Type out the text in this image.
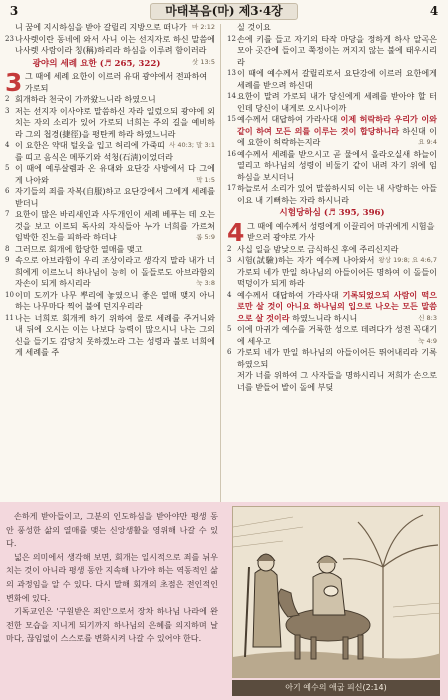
3	마태복음(마) 제3·4장	4
니 꿈에 지시하심을 받아 갈릴리 지방으로 떠나가 마 2:12
23 나사렛이란 동네에 와서 사니 이는 선지자로 하신 말씀에 나사렛 사람이라 칭(稱)하리라 하심을 이루려 함이러라
삿 13:5
광야의 세례 요한 (♬ 265, 322)
3 그 때에 세례 요한이 이르러 유대 광야에서 전파하여 가로되
2 회개하라 천국이 가까왔느니라 하였으니
3 저는 선지자 이사야로 말씀하신 자라 일렀으되 광야에 외치는 자의 소리가 있어 가로되 너희는 주의 길을 예비하라 그의 첩경(捷徑)을 평탄케 하라 하였느니라
사 40:3; 말 3:1
4 이 요한은 약대 털옷을 입고 허리에 가죽띠를 띠고 음식은 메뚜기와 석청(石淸)이었더라
5 이 때에 예루살렘과 온 유대와 요단강 사방에서 다 그에게 나아와	막 1:5
6 자기들의 죄를 자복(自服)하고 요단강에서 그에게 세례를 받더니
7 요한이 많은 바리새인과 사두개인이 세례 베푸는 데 오는 것을 보고 이르되 독사의 자식들아 누가 너희를 가르쳐 임박한 진노를 피하라 하더냐	롬 5:9
8 그러므로 회개에 합당한 열매를 맺고
9 속으로 아브라함이 우리 조상이라고 생각지 말라 내가 너희에게 이르노니 하나님이 능히 이 돌들로도 아브라함의 자손이 되게 하시리라	눅 3:8
10 이미 도끼가 나무 뿌리에 놓였으니 좋은 열매 맺지 아니하는 나무마다 찍어 불에 던지우리라
11 나는 너희로 회개케 하기 위하여 물로 세례를 주거니와 내 뒤에 오시는 이는 나보다 능력이 많으시니 나는 그의 신을 들기도 감당치 못하겠노라 그는 성령과 불로 너희에게 세례를 주
실 것이요
12 손에 키를 들고 자기의 타작 마당을 정하게 하사 알곡은 모아 곳간에 들이고 쭉정이는 꺼지지 않는 불에 태우시리라
13 이 때에 예수께서 갈릴리로서 요단강에 이르러 요한에게 세례를 받으려 하신대
14 요한이 말려 가로되 내가 당신에게 세례를 받아야 할 터인데 당신이 내게로 오시나이까
15 예수께서 대답하여 가라사대 이제 허락하라 우리가 이와 같이 하여 모든 의를 이루는 것이 합당하니라 하신대 이에 요한이 허락하는지라	요 9:4
16 예수께서 세례를 받으시고 곧 물에서 올라오실새 하늘이 열리고 하나님의 성령이 비둘기 같이 내려 자기 위에 임하심을 보시더니
17 하늘로서 소리가 있어 말씀하시되 이는 내 사랑하는 아들이요 내 기뻐하는 자라 하시니라
시험당하심 (♬ 395, 396)
4 그 때에 예수께서 성령에게 이끌리어 마귀에게 시험을 받으러 광야로 가사
2 사십 일을 밤낮으로 금식하신 후에 주리신지라
왕상 19:8; 요 4:6,7
3 시험(試驗)하는 자가 예수께 나아와서 가로되 네가 만일 하나님의 아들이어든 명하여 이 돌들이 떡덩이가 되게 하라
4 예수께서 대답하여 가라사대 기록되었으되 사람이 떡으로만 살 것이 아니요 하나님의 입으로 나오는 모든 말씀으로 살 것이라 하였느니라 하시니	신 8:3
5 이에 마귀가 예수를 거룩한 성으로 데려다가 성전 꼭대기에 세우고	눅 4:9
6 가로되 네가 만일 하나님의 아들이어든 뛰어내리라 기록하였으되
저가 너를 위하여 그 사자들을 명하시리니 저희가 손으로 너를 받들어 발이 돌에 부딪

손하게 받아들이고, 그분의 인도하심을 받아야만 평생 동안 풍성한 삶의 열매를 맺는 신앙생활을 영위해 나갈 수 있다.

넓은 의미에서 생각해 보면, 회개는 일시적으로 죄를 뉘우치는 것이 아니라 평생 동안 지속해 나가야 하는 역동적인 삶의 과정임을 알 수 있다. 다시 말해 회개의 초점은 전인적인 변화에 있다.

기독교인은 '구원받은 죄인'으로서 장차 하나님 나라에 완전한 모습을 지니게 되기까지 하나님의 은혜를 의지하며 날마다, 끊임없이 스스로를 변화시켜 나갈 수 있어야 한다.

아기 예수의 애굽 피신(2:14)
